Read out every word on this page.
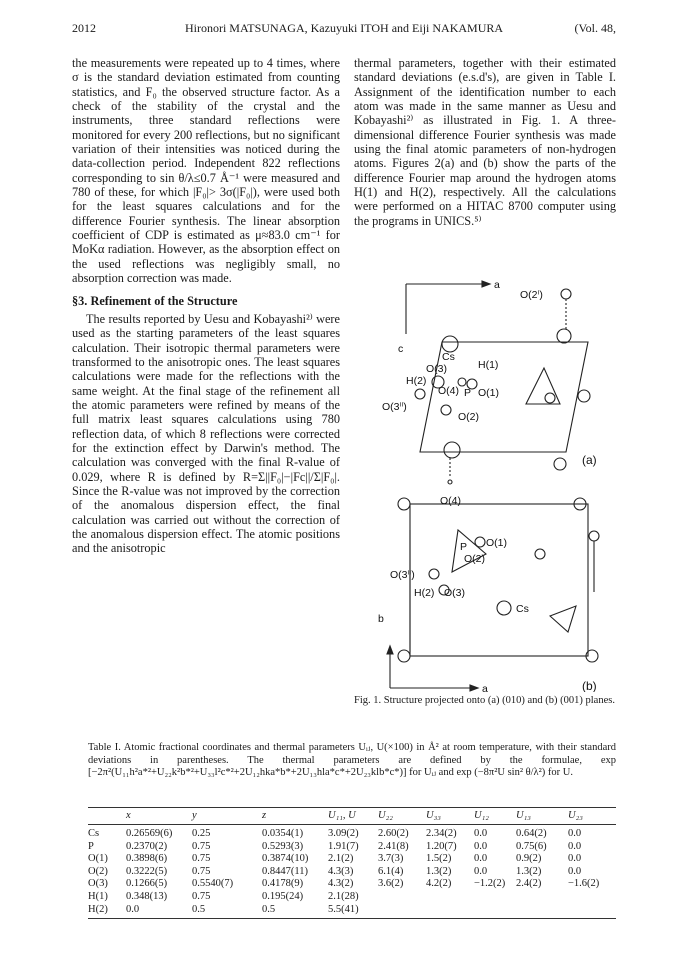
2012	Hironori MATSUNAGA, Kazuyuki ITOH and Eiji NAKAMURA	(Vol. 48,

the measurements were repeated up to 4 times, where σ is the standard deviation estimated from counting statistics, and F₀ the observed structure factor. As a check of the stability of the crystal and the instruments, three standard reflections were monitored for every 200 reflections, but no significant variation of their intensities was noticed during the data-collection period. Independent 822 reflections corresponding to sin θ/λ≤0.7 Å⁻¹ were measured and 780 of these, for which |F₀|> 3σ(|F₀|), were used both for the least squares calculations and for the difference Fourier synthesis. The linear absorption coefficient of CDP is estimated as μ≈83.0 cm⁻¹ for MoKα radiation. However, as the absorption effect on the used reflections was negligibly small, no absorption correction was made.

§3. Refinement of the Structure

The results reported by Uesu and Kobayashi²⁾ were used as the starting parameters of the least squares calculation. Their isotropic thermal parameters were transformed to the anisotropic ones. The least squares calculations were made for the reflections with the same weight. At the final stage of the refinement all the atomic parameters were refined by means of the full matrix least squares calculations using 780 reflection data, of which 8 reflections were corrected for the extinction effect by Darwin's method. The calculation was converged with the final R-value of 0.029, where R is defined by R=Σ||F₀|−|Fc||/Σ|F₀|. Since the R-value was not improved by the correction of the anomalous dispersion effect, the final calculation was carried out without the correction of the anomalous dispersion effect. The atomic positions and the anisotropic

thermal parameters, together with their estimated standard deviations (e.s.d's), are given in Table I. Assignment of the identification number to each atom was made in the same manner as Uesu and Kobayashi²⁾ as illustrated in Fig. 1. A three-dimensional difference Fourier synthesis was made using the final atomic parameters of non-hydrogen atoms. Figures 2(a) and (b) show the parts of the difference Fourier map around the hydrogen atoms H(1) and H(2), respectively. All the calculations were performed on a HITAC 8700 computer using the programs in UNICS.⁵⁾

a
O(2ⁱ)
c
Cs
O(3)	H(1)
H(2)
O(4) P O(1)
O(3ⁱⁱ)
O(2)
(a)
O(4)
P O(1)
O(2)
O(3ⁱⁱ)
H(2) O(3)
b
Cs
a	(b)
Fig. 1. Structure projected onto (a) (010) and (b) (001) planes.
Table I. Atomic fractional coordinates and thermal parameters Uᵢⱼ, U(×100) in Å² at room temperature, with their standard deviations in parentheses. The thermal parameters are defined by the formulae, exp [−2π²(U₁₁h²a*²+U₂₂k²b*²+U₃₃l²c*²+2U₁₂hka*b*+2U₁₃hla*c*+2U₂₃klb*c*)] for Uᵢⱼ and exp (−8π²U sin² θ/λ²) for U.
	x	y	z	U₁₁, U	U₂₂	U₃₃	U₁₂	U₁₃	U₂₃
Cs	0.26569(6)	0.25	0.0354(1)	3.09(2)	2.60(2)	2.34(2)	0.0	0.64(2)	0.0
P	0.2370(2)	0.75	0.5293(3)	1.91(7)	2.41(8)	1.20(7)	0.0	0.75(6)	0.0
O(1)	0.3898(6)	0.75	0.3874(10)	2.1(2)	3.7(3)	1.5(2)	0.0	0.9(2)	0.0
O(2)	0.3222(5)	0.75	0.8447(11)	4.3(3)	6.1(4)	1.3(2)	0.0	1.3(2)	0.0
O(3)	0.1266(5)	0.5540(7)	0.4178(9)	4.3(2)	3.6(2)	4.2(2)	−1.2(2)	2.4(2)	−1.6(2)
H(1)	0.348(13)	0.75	0.195(24)	2.1(28)					
H(2)	0.0	0.5	0.5	5.5(41)					
